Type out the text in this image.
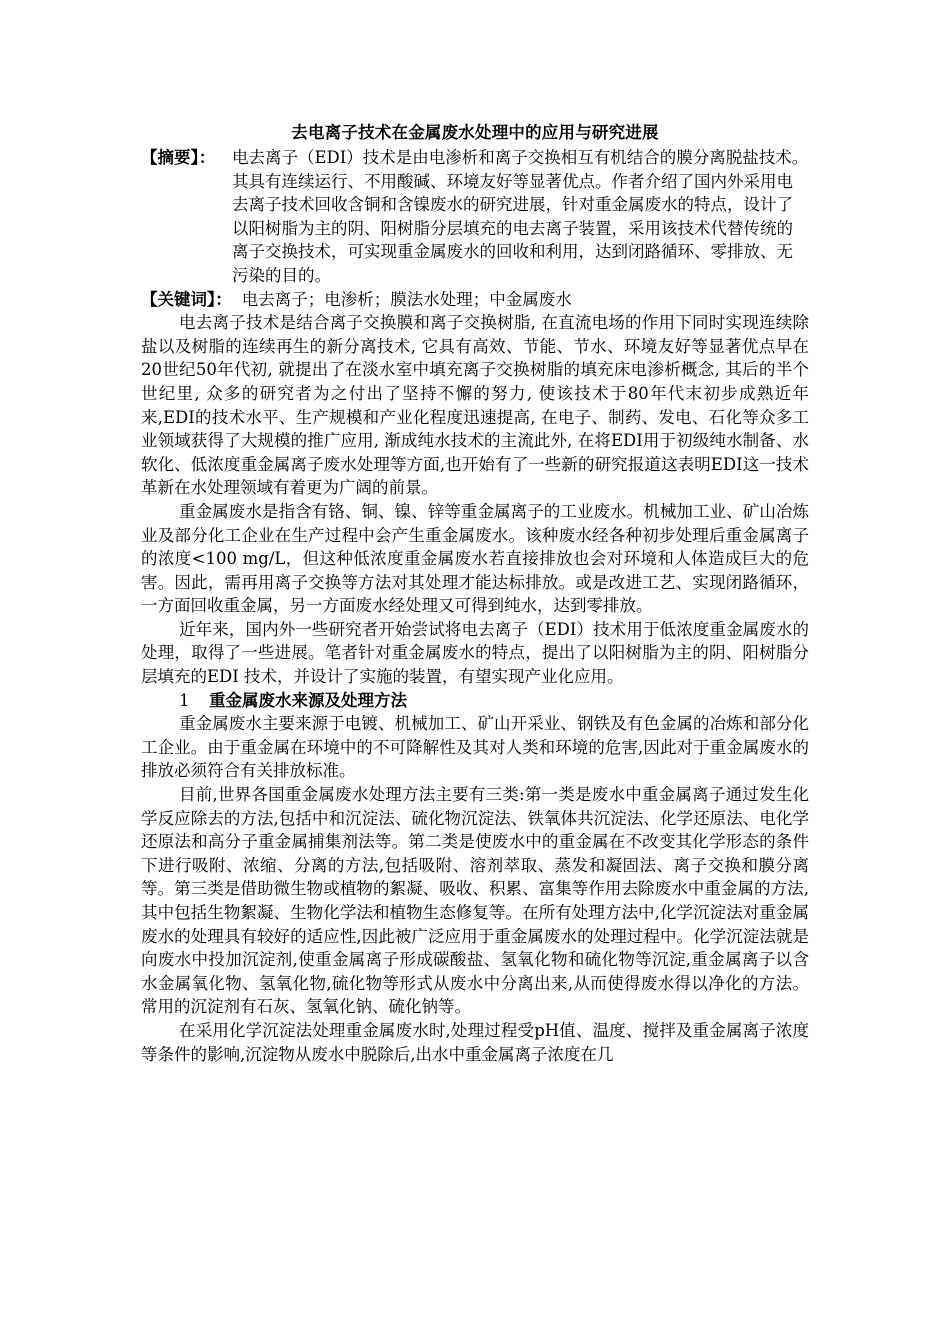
去电离子技术在金属废水处理中的应用与研究进展
【摘要】： 电去离子（EDI）技术是由电渗析和离子交换相互有机结合的膜分离脱盐技术。其具有连续运行、不用酸碱、环境友好等显著优点。作者介绍了国内外采用电去离子技术回收含铜和含镍废水的研究进展，针对重金属废水的特点，设计了以阳树脂为主的阴、阳树脂分层填充的电去离子装置，采用该技术代替传统的离子交换技术，可实现重金属废水的回收和利用，达到闭路循环、零排放、无污染的目的。
【关键词】： 电去离子；电渗析；膜法水处理；中金属废水

电去离子技术是结合离子交换膜和离子交换树脂, 在直流电场的作用下同时实现连续除盐以及树脂的连续再生的新分离技术, 它具有高效、节能、节水、环境友好等显著优点早在20世纪50年代初, 就提出了在淡水室中填充离子交换树脂的填充床电渗析概念, 其后的半个世纪里, 众多的研究者为之付出了坚持不懈的努力, 使该技术于80年代末初步成熟近年来,EDI的技术水平、生产规模和产业化程度迅速提高, 在电子、制药、发电、石化等众多工业领域获得了大规模的推广应用, 渐成纯水技术的主流此外, 在将EDI用于初级纯水制备、水软化、低浓度重金属离子废水处理等方面,也开始有了一些新的研究报道这表明EDI这一技术革新在水处理领域有着更为广阔的前景。

重金属废水是指含有铬、铜、镍、锌等重金属离子的工业废水。机械加工业、矿山冶炼业及部分化工企业在生产过程中会产生重金属废水。该种废水经各种初步处理后重金属离子的浓度<100 mg/L，但这种低浓度重金属废水若直接排放也会对环境和人体造成巨大的危害。因此，需再用离子交换等方法对其处理才能达标排放。或是改进工艺、实现闭路循环，一方面回收重金属，另一方面废水经处理又可得到纯水，达到零排放。

近年来，国内外一些研究者开始尝试将电去离子（EDI）技术用于低浓度重金属废水的处理，取得了一些进展。笔者针对重金属废水的特点，提出了以阳树脂为主的阴、阳树脂分层填充的EDI 技术，并设计了实施的装置，有望实现产业化应用。

1 重金属废水来源及处理方法

重金属废水主要来源于电镀、机械加工、矿山开采业、钢铁及有色金属的冶炼和部分化工企业。由于重金属在环境中的不可降解性及其对人类和环境的危害,因此对于重金属废水的排放必须符合有关排放标准。

目前,世界各国重金属废水处理方法主要有三类:第一类是废水中重金属离子通过发生化学反应除去的方法,包括中和沉淀法、硫化物沉淀法、铁氧体共沉淀法、化学还原法、电化学还原法和高分子重金属捕集剂法等。第二类是使废水中的重金属在不改变其化学形态的条件下进行吸附、浓缩、分离的方法,包括吸附、溶剂萃取、蒸发和凝固法、离子交换和膜分离等。第三类是借助微生物或植物的絮凝、吸收、积累、富集等作用去除废水中重金属的方法,其中包括生物絮凝、生物化学法和植物生态修复等。在所有处理方法中,化学沉淀法对重金属废水的处理具有较好的适应性,因此被广泛应用于重金属废水的处理过程中。化学沉淀法就是向废水中投加沉淀剂,使重金属离子形成碳酸盐、氢氧化物和硫化物等沉淀,重金属离子以含水金属氧化物、氢氧化物,硫化物等形式从废水中分离出来,从而使得废水得以净化的方法。常用的沉淀剂有石灰、氢氧化钠、硫化钠等。

在采用化学沉淀法处理重金属废水时,处理过程受pH值、温度、搅拌及重金属离子浓度等条件的影响,沉淀物从废水中脱除后,出水中重金属离子浓度在几
